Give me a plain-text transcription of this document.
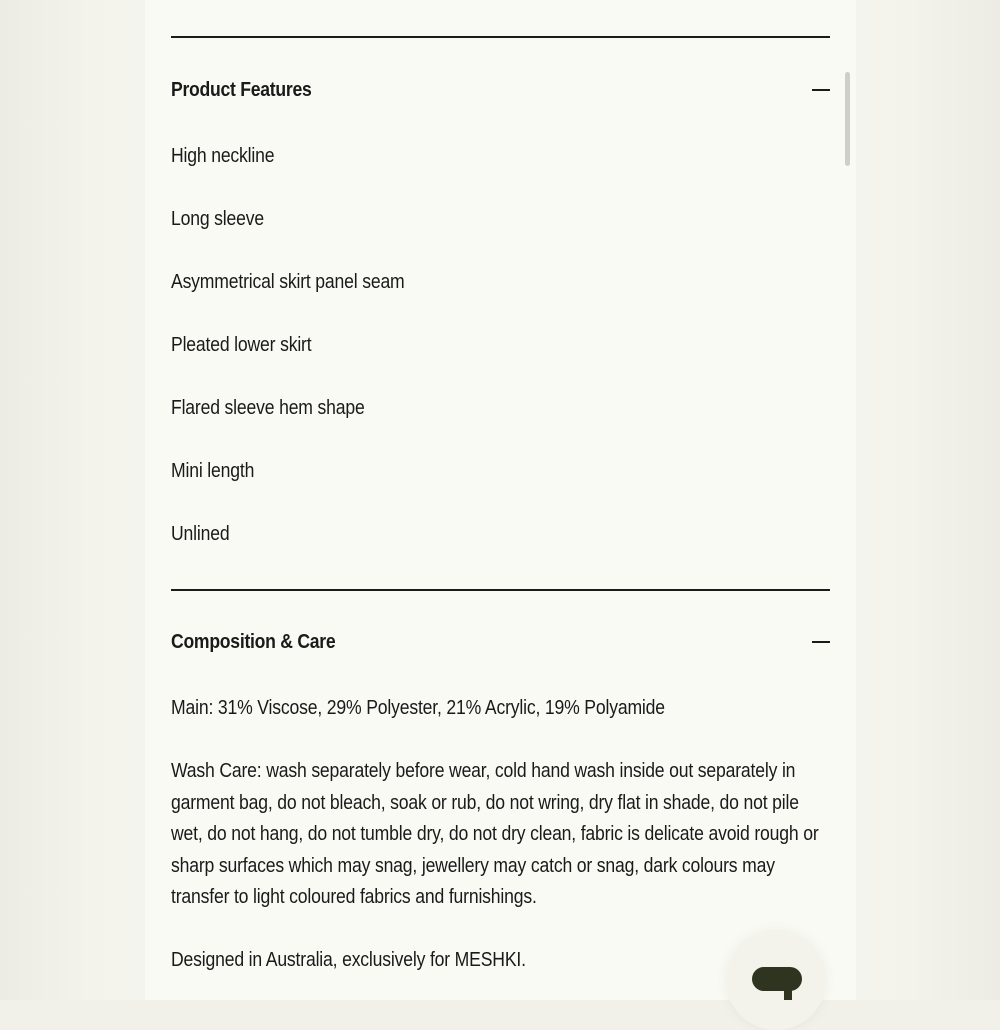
Product Features
High neckline
Long sleeve
Asymmetrical skirt panel seam
Pleated lower skirt
Flared sleeve hem shape
Mini length
Unlined
Composition & Care

Main: 31% Viscose, 29% Polyester, 21% Acrylic, 19% Polyamide

Wash Care: wash separately before wear, cold hand wash inside out separately in garment bag, do not bleach, soak or rub, do not wring, dry flat in shade, do not pile wet, do not hang, do not tumble dry, do not dry clean, fabric is delicate avoid rough or sharp surfaces which may snag, jewellery may catch or snag, dark colours may transfer to light coloured fabrics and furnishings.

Designed in Australia, exclusively for MESHKI.
